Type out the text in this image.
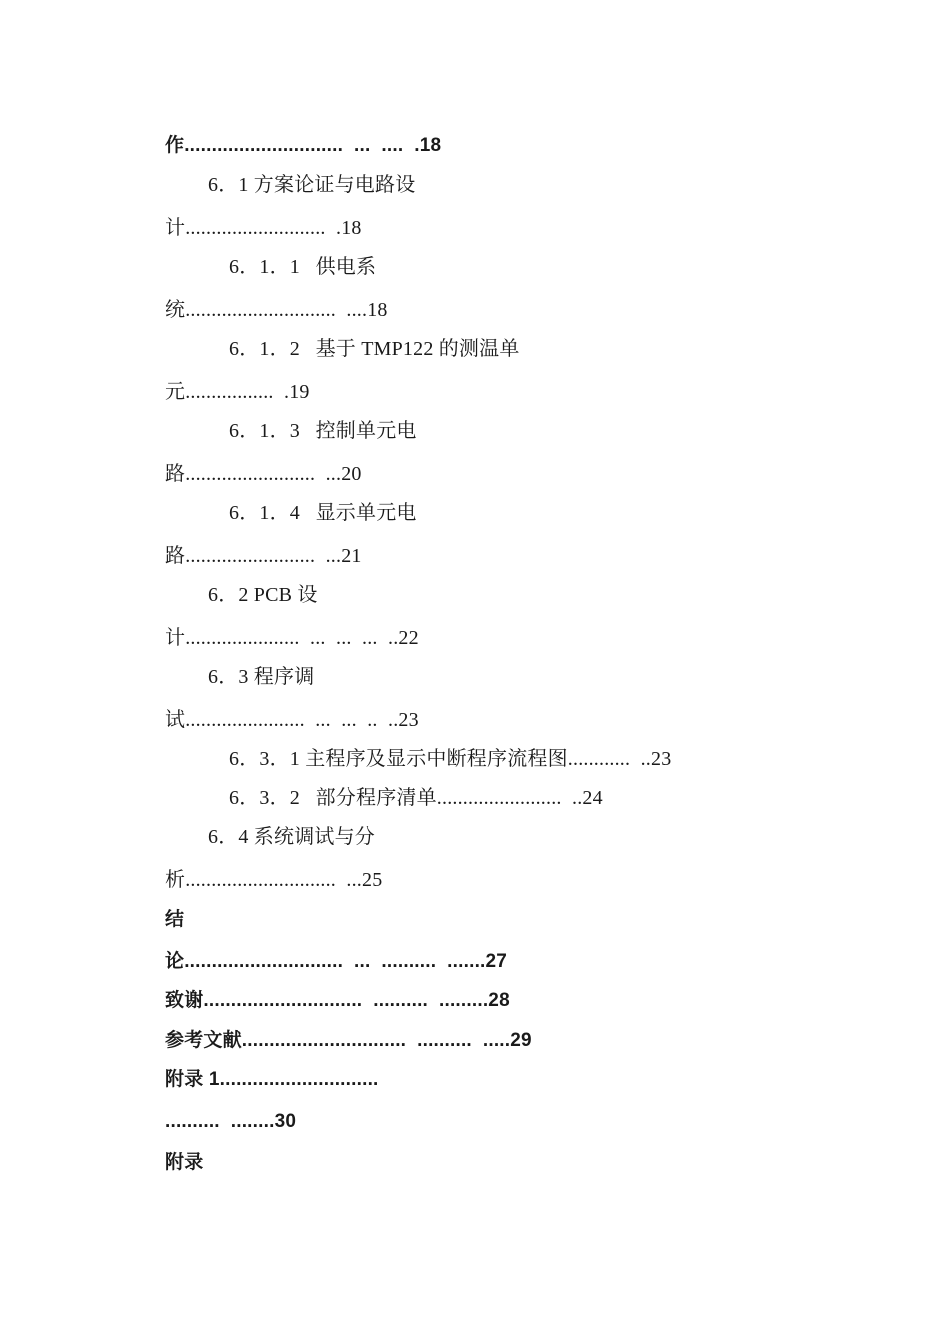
作.............................  ...  ....  .18
6．1 方案论证与电路设
计...........................  .18
6．1．1   供电系
统.............................  ....18
6．1．2   基于 TMP122 的测温单
元.................  .19
6．1．3   控制单元电
路.........................  ...20
6．1．4   显示单元电
路.........................  ...21
6．2 PCB 设
计......................  ...  ...  ...  ..22
6．3 程序调
试.......................  ...  ...  ..  ..23
6．3．1 主程序及显示中断程序流程图............  ..23
6．3．2   部分程序清单........................  ..24
6．4 系统调试与分
析.............................  ...25
结
论.............................  ...  ..........  .......27
致谢.............................  ..........  .........28
参考文献..............................  ..........  .....29
附录 1.............................
..........  ........30
附录
